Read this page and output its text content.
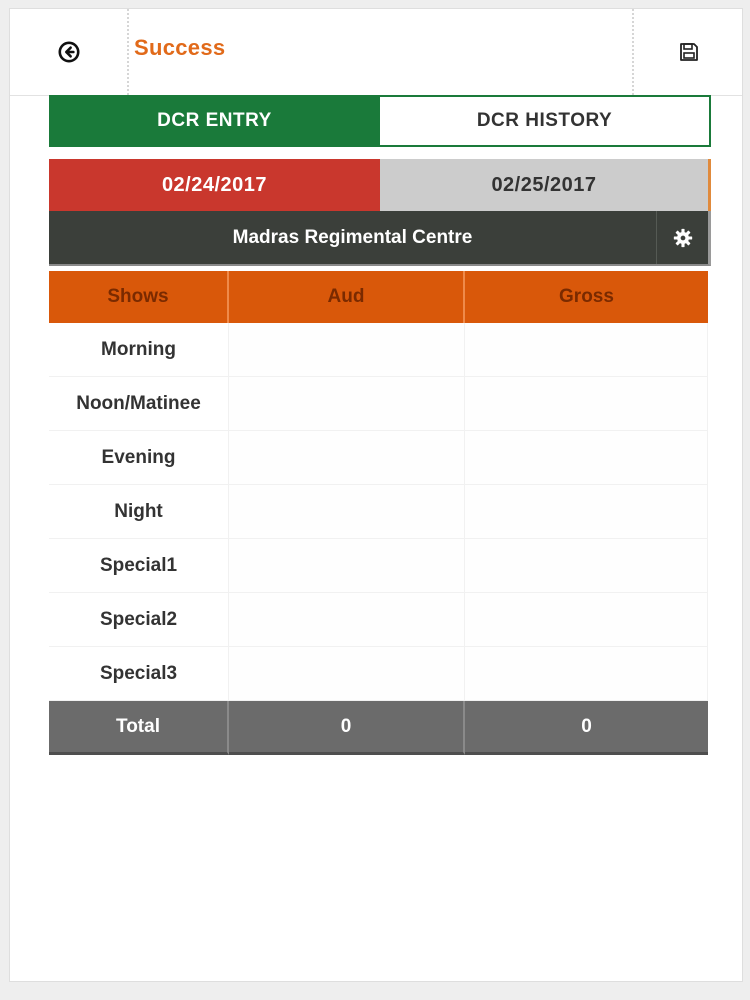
Success
DCR ENTRY	DCR HISTORY
02/24/2017	02/25/2017
Madras Regimental Centre
Shows	Aud	Gross
Morning
Noon/Matinee
Evening
Night
Special1
Special2
Special3
Total	0	0
